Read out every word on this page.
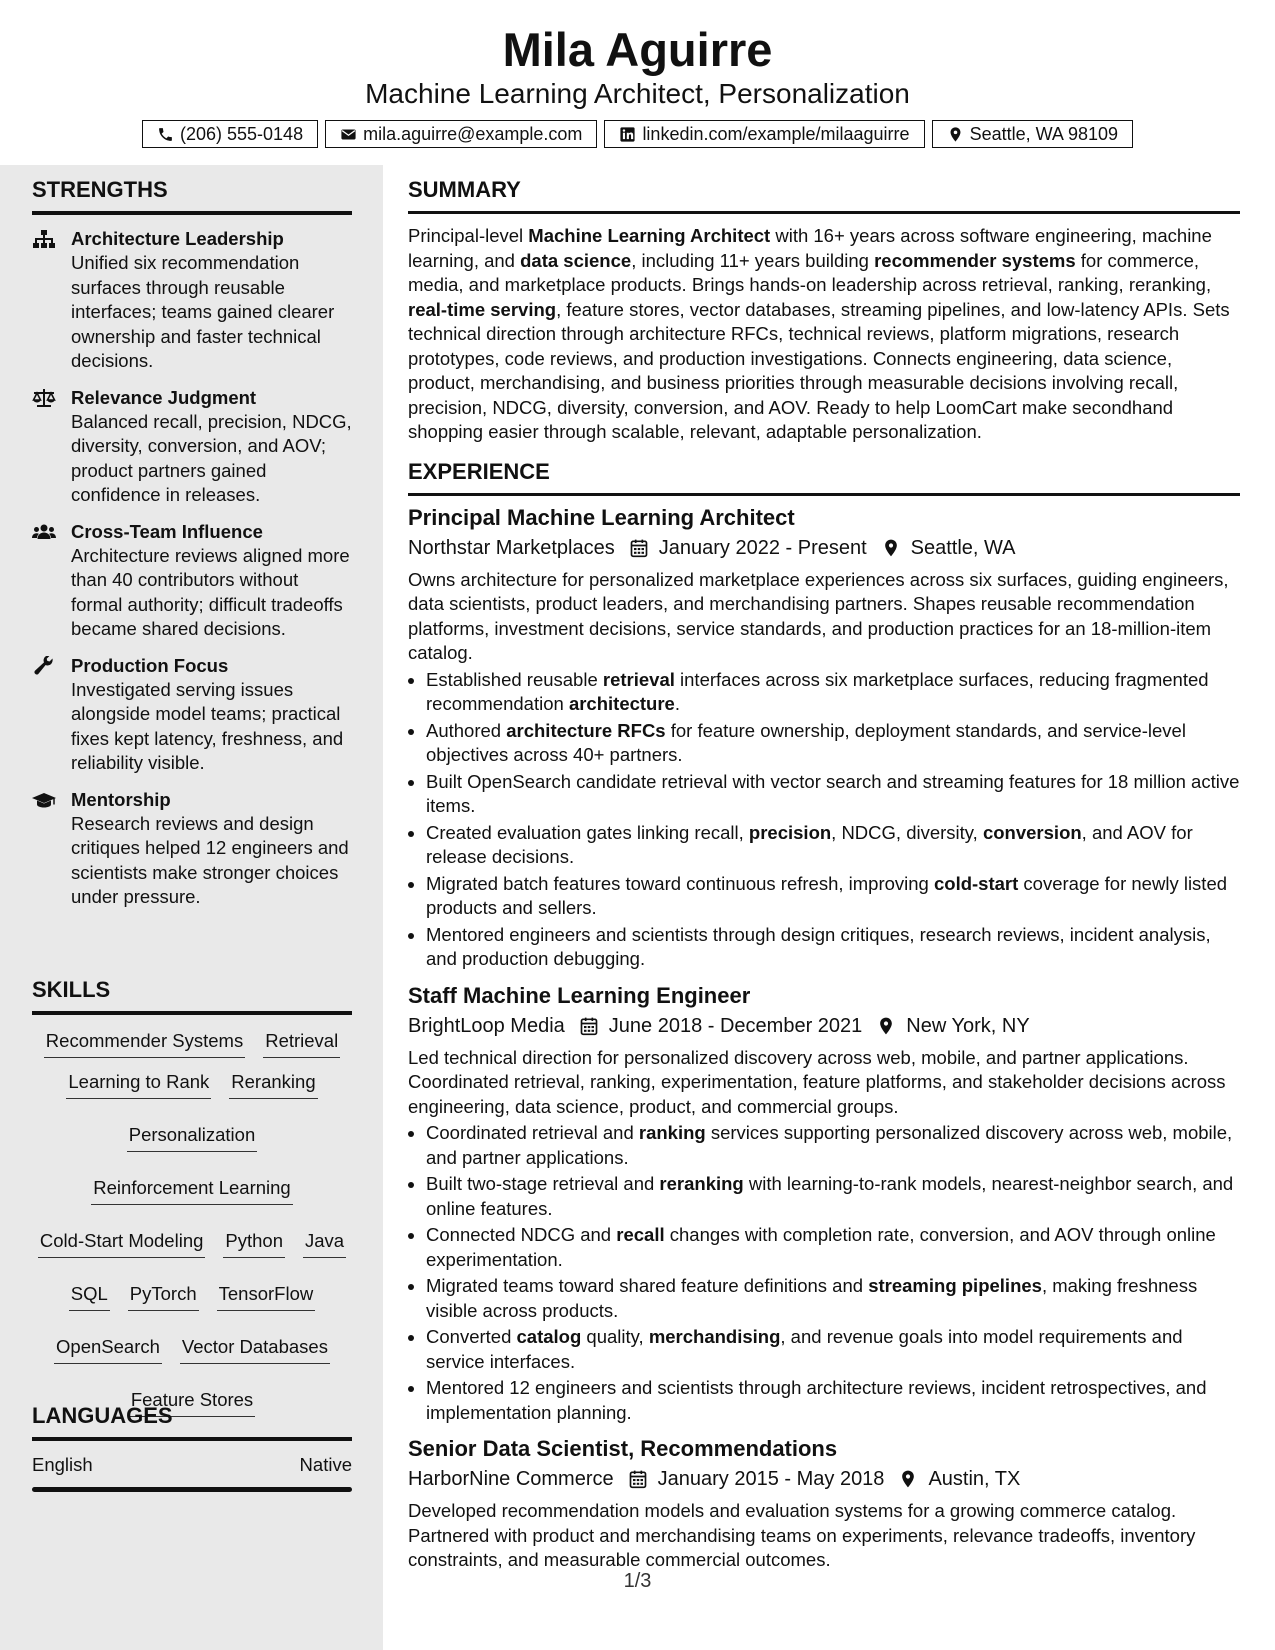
Mila Aguirre
Machine Learning Architect, Personalization
(206) 555-0148	mila.aguirre@example.com	linkedin.com/example/milaaguirre	Seattle, WA 98109
STRENGTHS
Architecture Leadership
Unified six recommendation surfaces through reusable interfaces; teams gained clearer ownership and faster technical decisions.
Relevance Judgment
Balanced recall, precision, NDCG, diversity, conversion, and AOV; product partners gained confidence in releases.
Cross-Team Influence
Architecture reviews aligned more than 40 contributors without formal authority; difficult tradeoffs became shared decisions.
Production Focus
Investigated serving issues alongside model teams; practical fixes kept latency, freshness, and reliability visible.
Mentorship
Research reviews and design critiques helped 12 engineers and scientists make stronger choices under pressure.
SKILLS
Recommender Systems Retrieval
Learning to Rank Reranking
Personalization
Reinforcement Learning
Cold-Start Modeling Python Java
SQL PyTorch TensorFlow
OpenSearch Vector Databases
Feature Stores
LANGUAGES
English	Native
SUMMARY

Principal-level Machine Learning Architect with 16+ years across software engineering, machine learning, and data science, including 11+ years building recommender systems for commerce, media, and marketplace products. Brings hands-on leadership across retrieval, ranking, reranking, real-time serving, feature stores, vector databases, streaming pipelines, and low-latency APIs. Sets technical direction through architecture RFCs, technical reviews, platform migrations, research prototypes, code reviews, and production investigations. Connects engineering, data science, product, merchandising, and business priorities through measurable decisions involving recall, precision, NDCG, diversity, conversion, and AOV. Ready to help LoomCart make secondhand shopping easier through scalable, relevant, adaptable personalization.

EXPERIENCE
Principal Machine Learning Architect
Northstar Marketplaces January 2022 - Present Seattle, WA

Owns architecture for personalized marketplace experiences across six surfaces, guiding engineers, data scientists, product leaders, and merchandising partners. Shapes reusable recommendation platforms, investment decisions, service standards, and production practices for an 18-million-item catalog.

• Established reusable retrieval interfaces across six marketplace surfaces, reducing fragmented recommendation architecture.
• Authored architecture RFCs for feature ownership, deployment standards, and service-level objectives across 40+ partners.
• Built OpenSearch candidate retrieval with vector search and streaming features for 18 million active items.
• Created evaluation gates linking recall, precision, NDCG, diversity, conversion, and AOV for release decisions.
• Migrated batch features toward continuous refresh, improving cold-start coverage for newly listed products and sellers.
• Mentored engineers and scientists through design critiques, research reviews, incident analysis, and production debugging.
Staff Machine Learning Engineer
BrightLoop Media June 2018 - December 2021 New York, NY

Led technical direction for personalized discovery across web, mobile, and partner applications. Coordinated retrieval, ranking, experimentation, feature platforms, and stakeholder decisions across engineering, data science, product, and commercial groups.

• Coordinated retrieval and ranking services supporting personalized discovery across web, mobile, and partner applications.
• Built two-stage retrieval and reranking with learning-to-rank models, nearest-neighbor search, and online features.
• Connected NDCG and recall changes with completion rate, conversion, and AOV through online experimentation.
• Migrated teams toward shared feature definitions and streaming pipelines, making freshness visible across products.
• Converted catalog quality, merchandising, and revenue goals into model requirements and service interfaces.
• Mentored 12 engineers and scientists through architecture reviews, incident retrospectives, and implementation planning.
Senior Data Scientist, Recommendations
HarborNine Commerce January 2015 - May 2018 Austin, TX

Developed recommendation models and evaluation systems for a growing commerce catalog. Partnered with product and merchandising teams on experiments, relevance tradeoffs, inventory constraints, and measurable commercial outcomes.

1/3
